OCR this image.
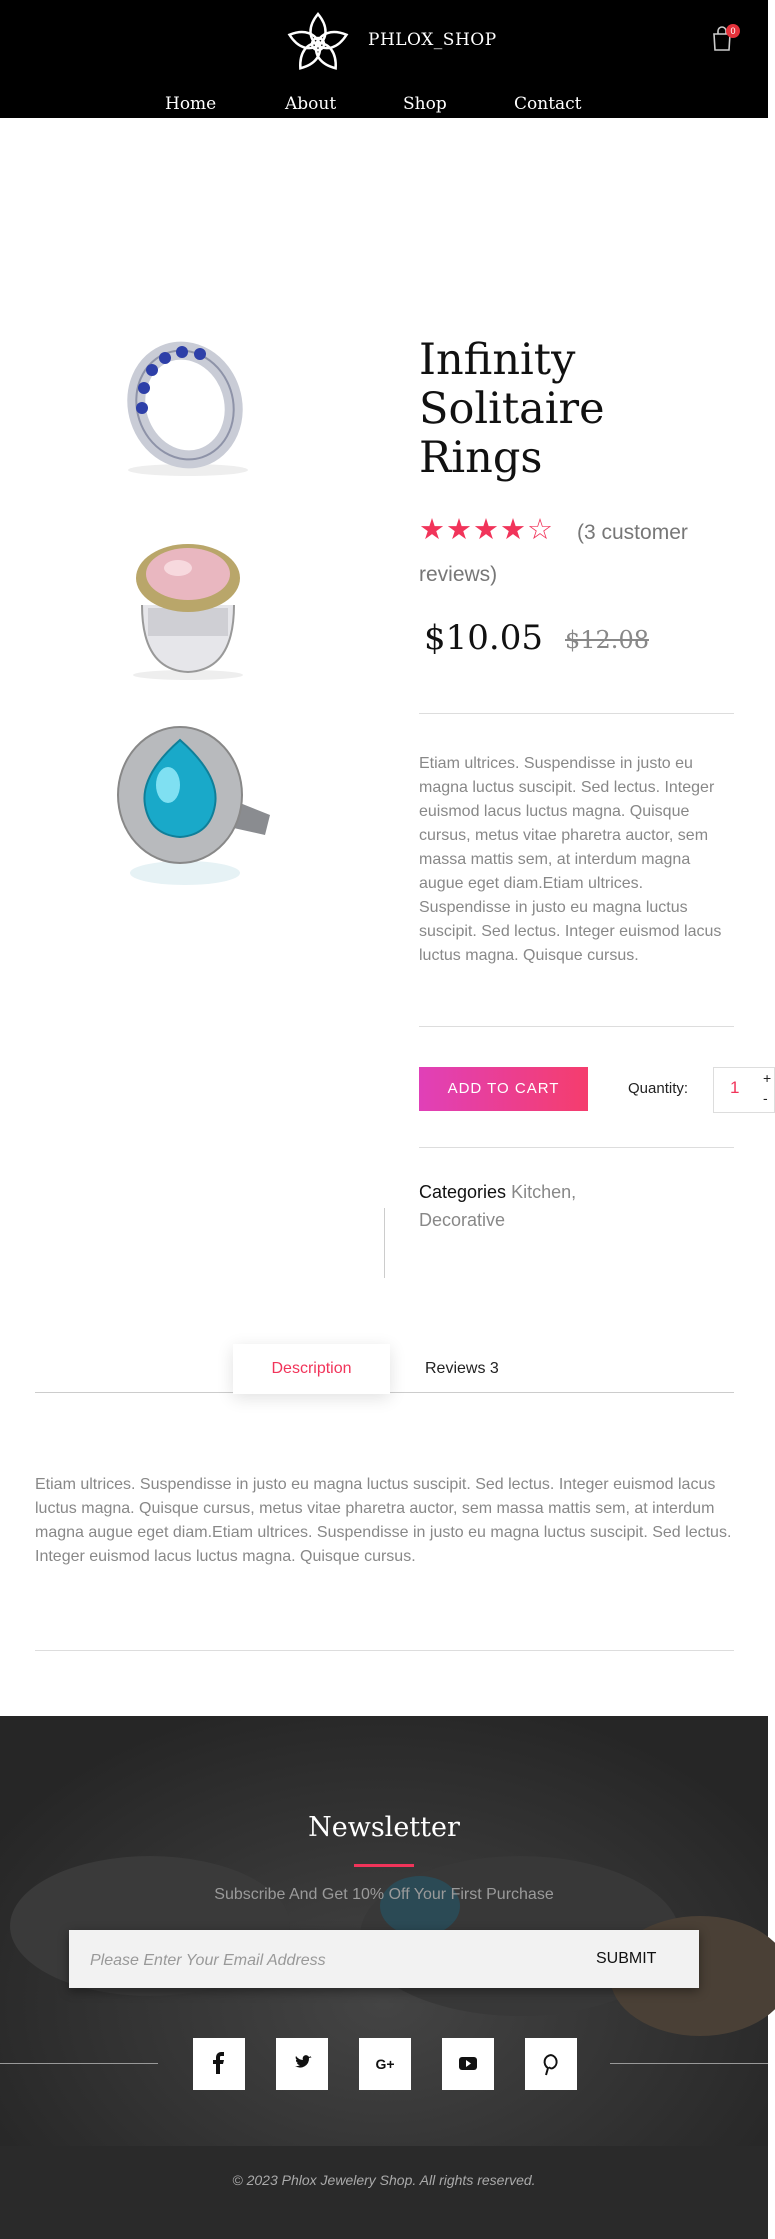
PHLOX_SHOP	0
Home	About	Shop	Contact
Infinity
Solitaire
Rings
(3 customer reviews)
★★★★☆
$10.05 $12.08
Etiam ultrices. Suspendisse in justo eu magna luctus suscipit. Sed lectus. Integer euismod lacus luctus magna. Quisque cursus, metus vitae pharetra auctor, sem massa mattis sem, at interdum magna augue eget diam.Etiam ultrices. Suspendisse in justo eu magna luctus suscipit. Sed lectus. Integer euismod lacus luctus magna. Quisque cursus.
ADD TO CART	Quantity: 1 +
-
Categories Kitchen, Decorative
Description	Reviews 3
Etiam ultrices. Suspendisse in justo eu magna luctus suscipit. Sed lectus. Integer euismod lacus luctus magna. Quisque cursus, metus vitae pharetra auctor, sem massa mattis sem, at interdum magna augue eget diam.Etiam ultrices. Suspendisse in justo eu magna luctus suscipit. Sed lectus. Integer euismod lacus luctus magna. Quisque cursus.
Newsletter
Subscribe And Get 10% Off Your First Purchase
Please Enter Your Email Address
SUBMIT
G+
© 2023 Phlox Jewelery Shop. All rights reserved.
